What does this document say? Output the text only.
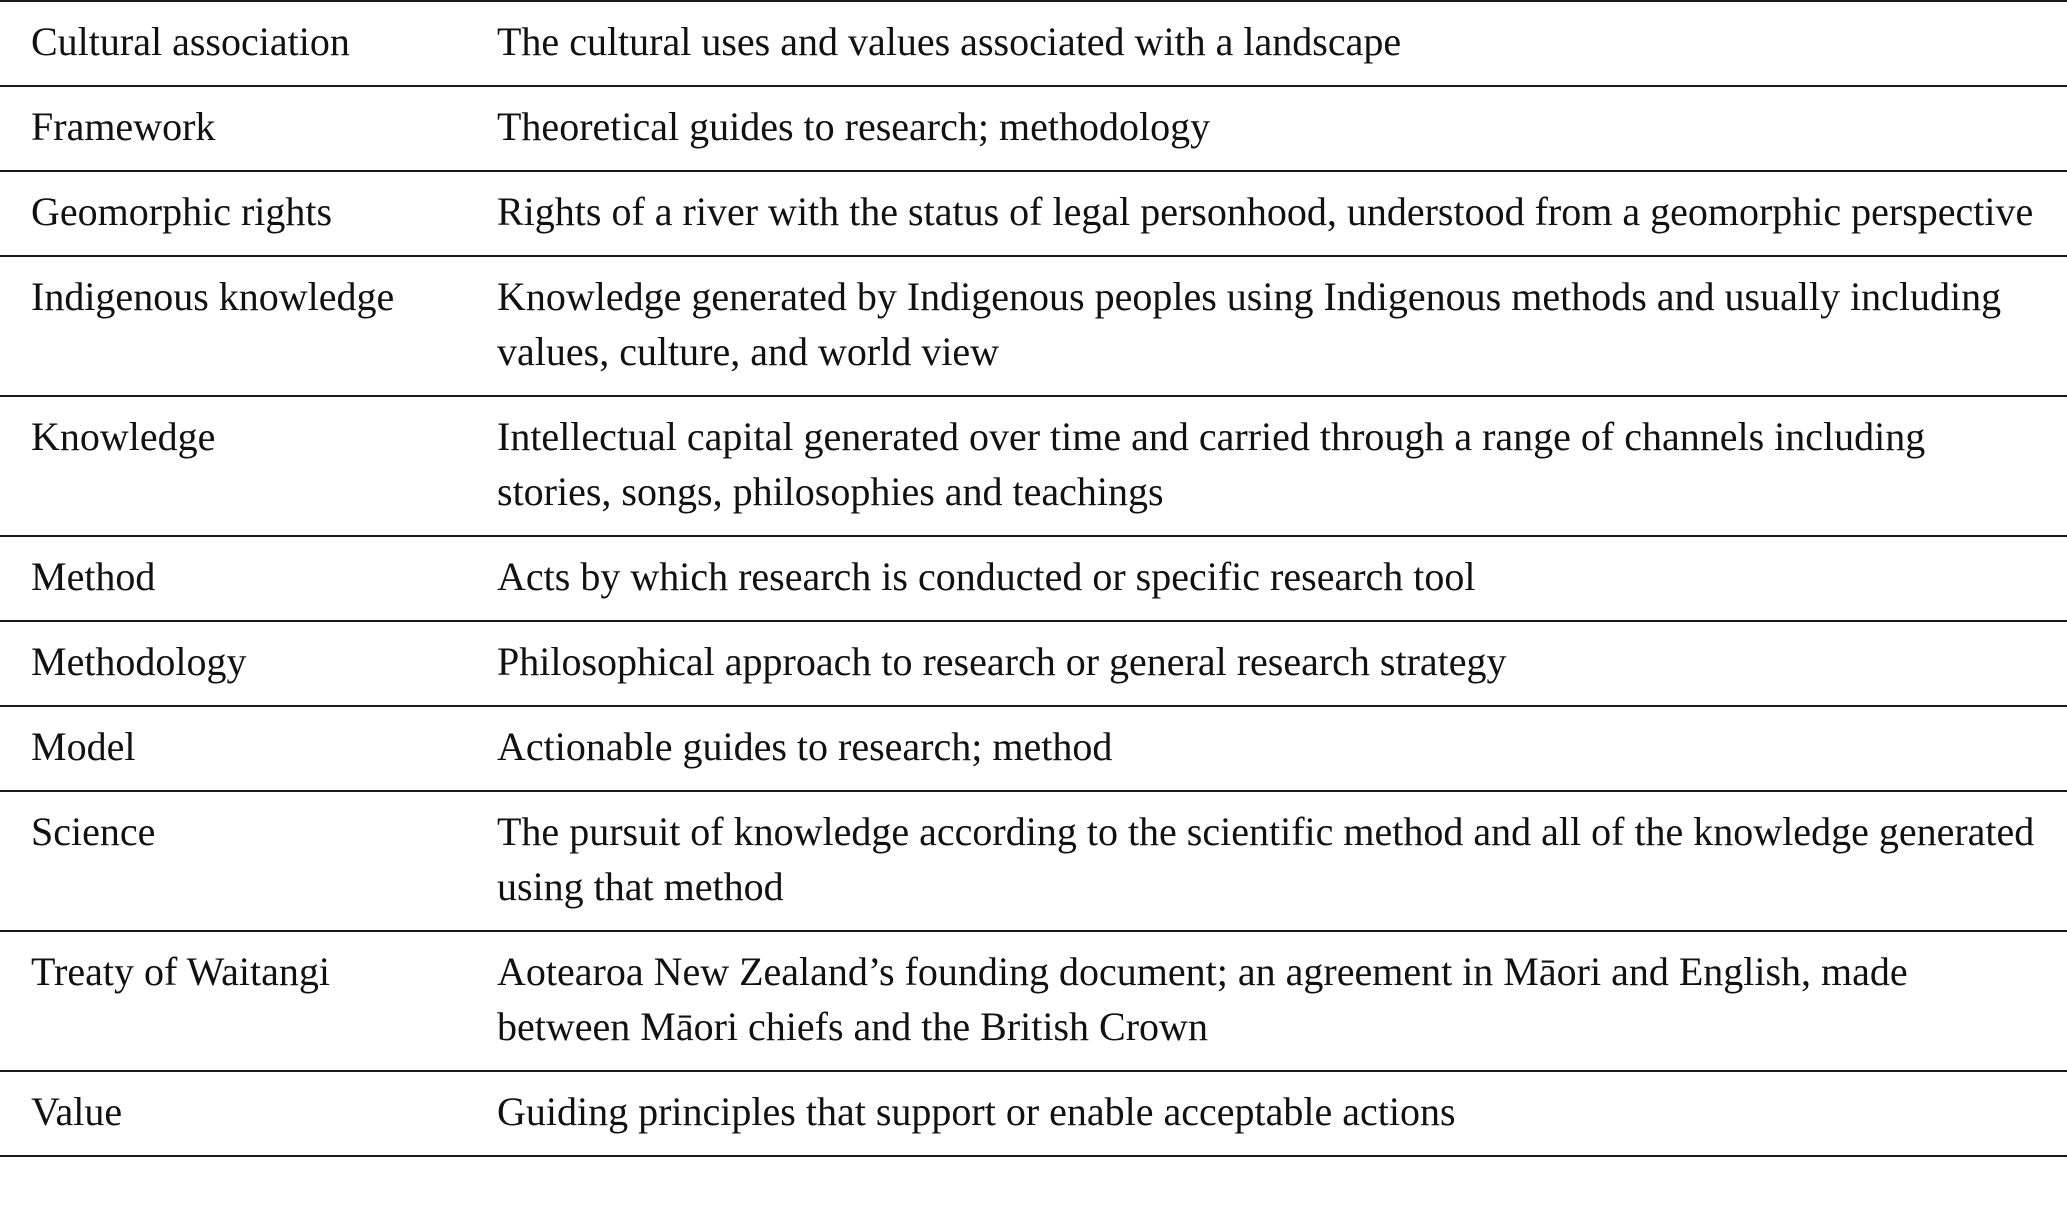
Cultural association	The cultural uses and values associated with a landscape
Framework	Theoretical guides to research; methodology
Geomorphic rights	Rights of a river with the status of legal personhood, understood from a geomorphic perspective
Indigenous knowledge	Knowledge generated by Indigenous peoples using Indigenous methods and usually including values, culture, and world view
Knowledge	Intellectual capital generated over time and carried through a range of channels including stories, songs, philosophies and teachings
Method	Acts by which research is conducted or specific research tool
Methodology	Philosophical approach to research or general research strategy
Model	Actionable guides to research; method
Science	The pursuit of knowledge according to the scientific method and all of the knowledge generated using that method
Treaty of Waitangi	Aotearoa New Zealand’s founding document; an agreement in Māori and English, made between Māori chiefs and the British Crown
Value	Guiding principles that support or enable acceptable actions
